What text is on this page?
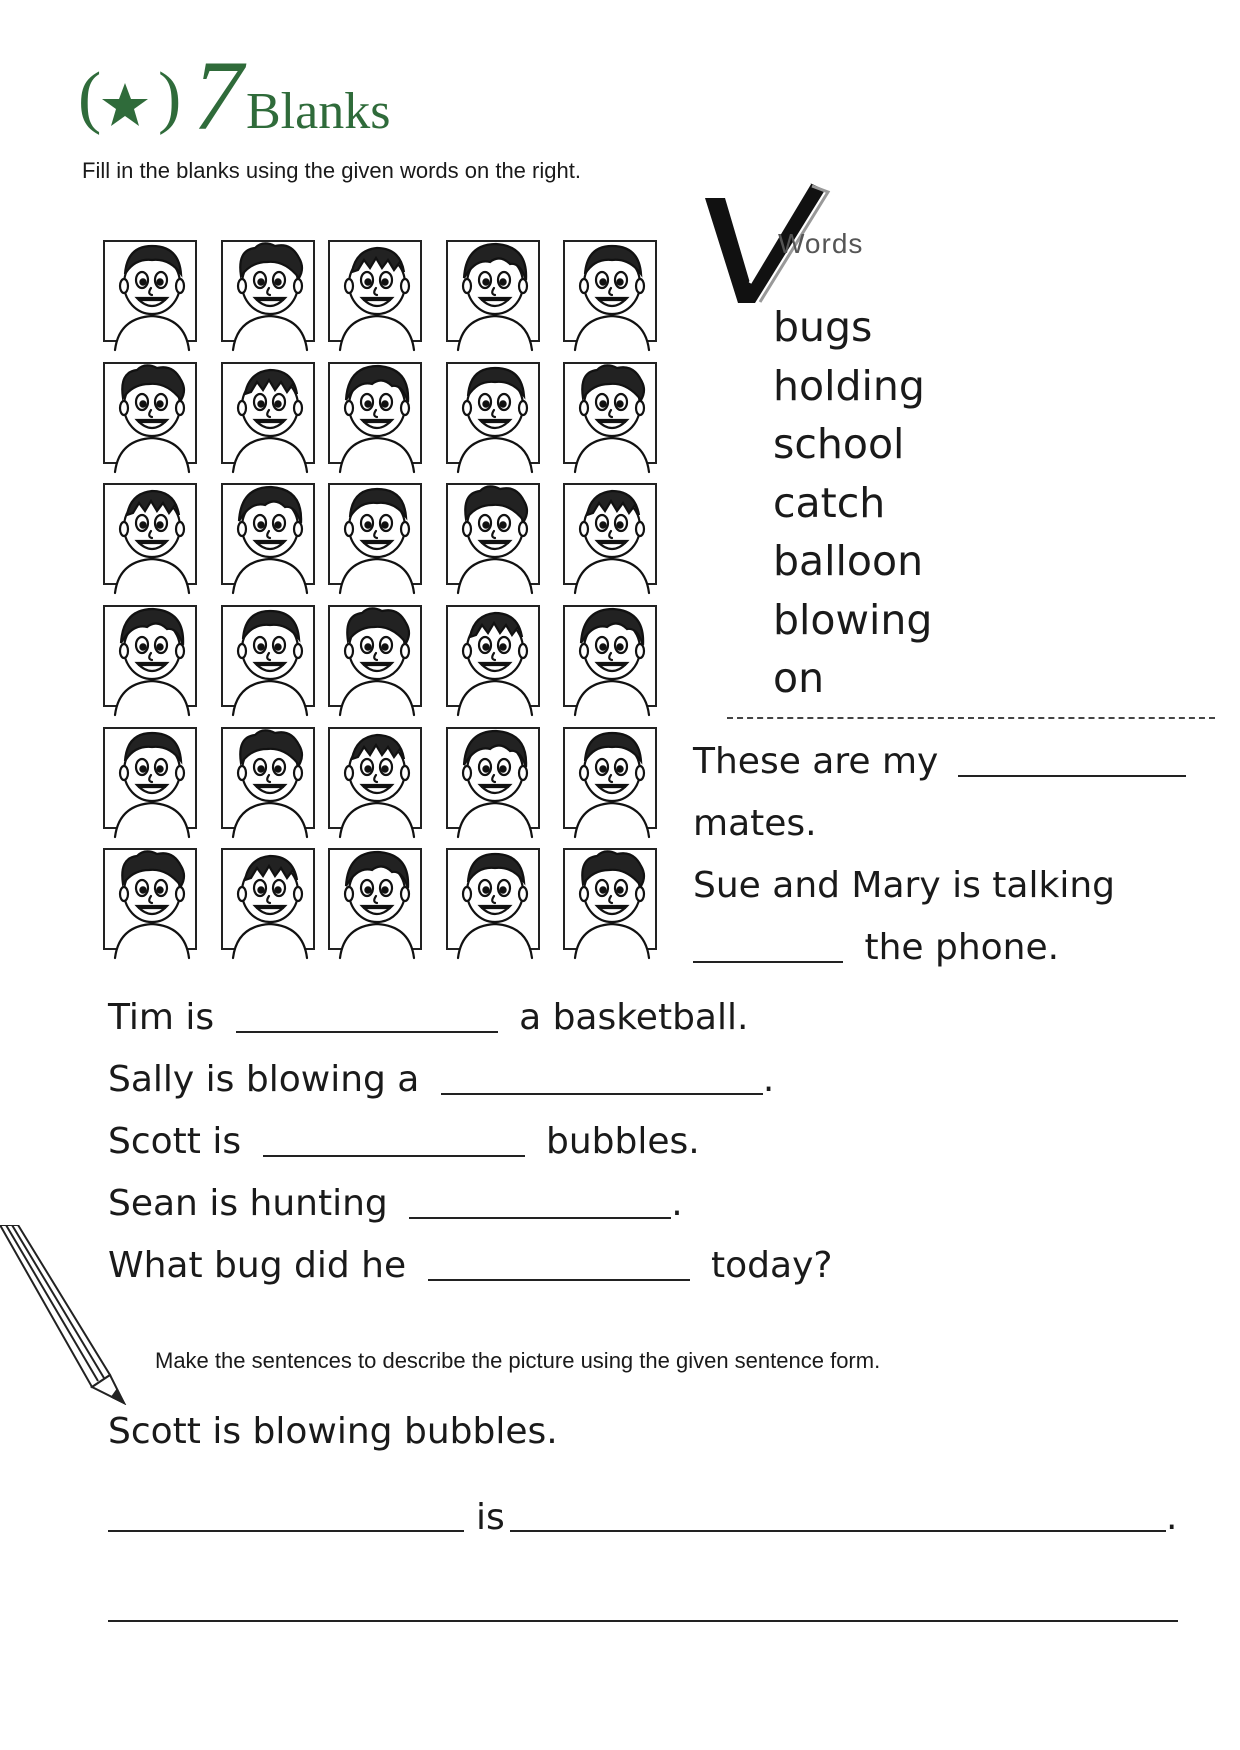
( ) 7 Blanks
Fill in the blanks using the given words on the right.
Words
bugs
holding
school
catch
balloon
blowing
on
These are my
mates.
Sue and Mary is talking
the phone.
Tim is	a basketball.
Sally is blowing a	.
Scott is	bubbles.
Sean is hunting	.
What bug did he	today?
Make the sentences to describe the picture using the given sentence form.
Scott is blowing bubbles.
is	.
